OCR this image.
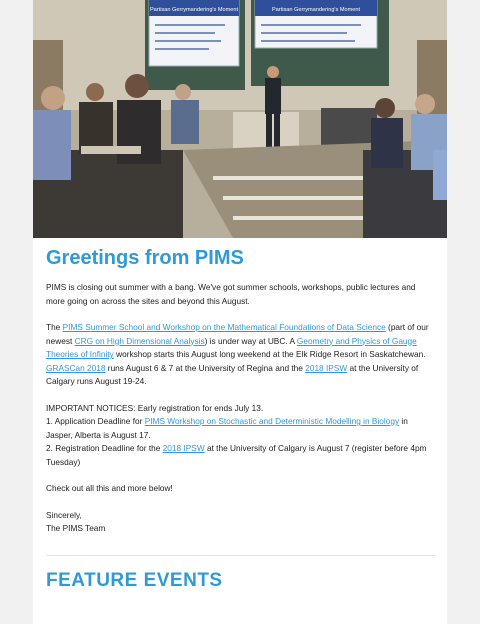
Partisan Gerrymandering's Moment	Partisan Gerrymandering's Moment
Greetings from PIMS

PIMS is closing out summer with a bang. We've got summer schools, workshops, public lectures and more going on across the sites and beyond this August.

The PIMS Summer School and Workshop on the Mathematical Foundations of Data Science (part of our newest CRG on High Dimensional Analysis) is under way at UBC. A Geometry and Physics of Gauge Theories of Infinity workshop starts this August long weekend at the Elk Ridge Resort in Saskatchewan. GRASCan 2018 runs August 6 & 7 at the University of Regina and the 2018 IPSW at the University of Calgary runs August 19-24.

IMPORTANT NOTICES: Early registration for ends July 13.
1. Application Deadline for PIMS Workshop on Stochastic and Deterministic Modelling in Biology in Jasper, Alberta is August 17.
2. Registration Deadline for the 2018 IPSW at the University of Calgary is August 7 (register before 4pm Tuesday)

Check out all this and more below!

Sincerely,
The PIMS Team

FEATURE EVENTS
